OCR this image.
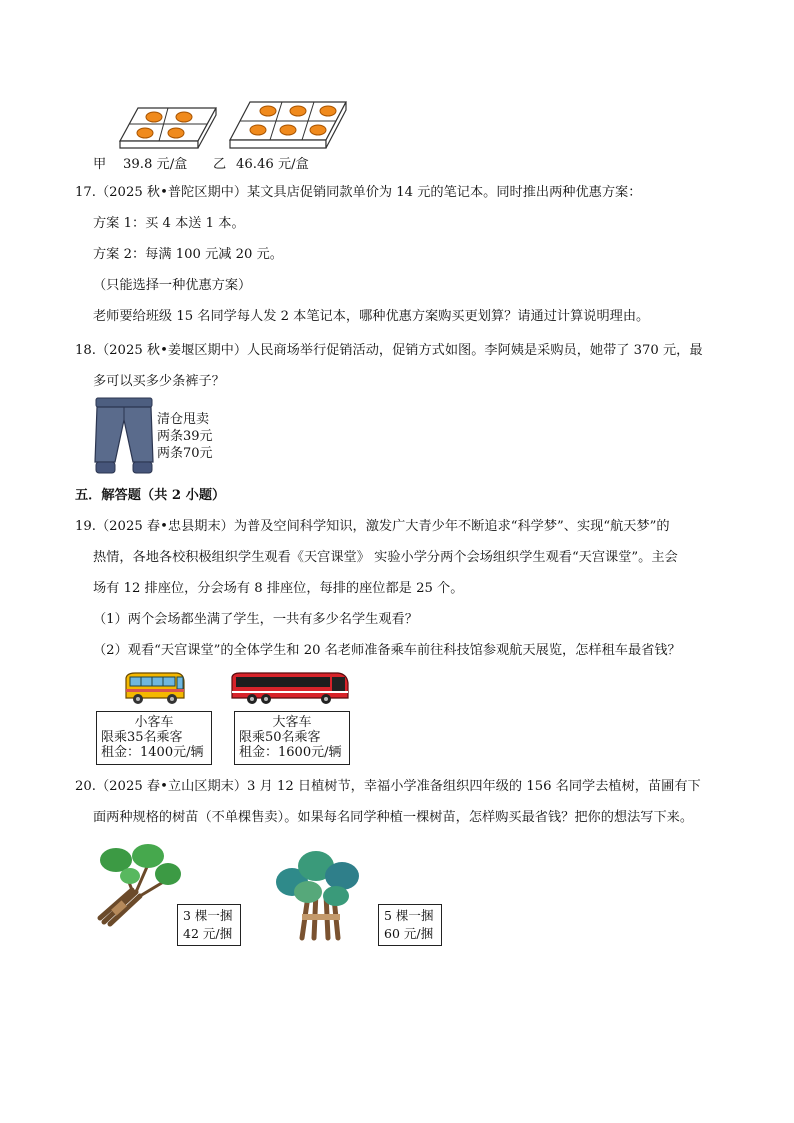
甲 39.8 元/盒 乙 46.46 元/盒
17.（2025 秋•普陀区期中）某文具店促销同款单价为 14 元的笔记本。同时推出两种优惠方案：
方案 1：买 4 本送 1 本。
方案 2：每满 100 元减 20 元。
（只能选择一种优惠方案）
老师要给班级 15 名同学每人发 2 本笔记本，哪种优惠方案购买更划算？请通过计算说明理由。
18.（2025 秋•姜堰区期中）人民商场举行促销活动，促销方式如图。李阿姨是采购员，她带了 370 元，最
多可以买多少条裤子？
清仓甩卖
两条39元
两条70元
五．解答题（共 2 小题）
19.（2025 春•忠县期末）为普及空间科学知识，激发广大青少年不断追求“科学梦”、实现“航天梦”的
热情，各地各校积极组织学生观看《天宫课堂》 实验小学分两个会场组织学生观看“天宫课堂”。主会
场有 12 排座位，分会场有 8 排座位，每排的座位都是 25 个。
（1）两个会场都坐满了学生，一共有多少名学生观看？
（2）观看“天宫课堂”的全体学生和 20 名老师准备乘车前往科技馆参观航天展览，怎样租车最省钱？
小客车
限乘35名乘客
租金：1400元/辆
大客车
限乘50名乘客
租金：1600元/辆
20.（2025 春•立山区期末）3 月 12 日植树节，幸福小学准备组织四年级的 156 名同学去植树，苗圃有下
面两种规格的树苗（不单棵售卖）。如果每名同学种植一棵树苗，怎样购买最省钱？把你的想法写下来。
3 棵一捆
42 元/捆
5 棵一捆
60 元/捆
